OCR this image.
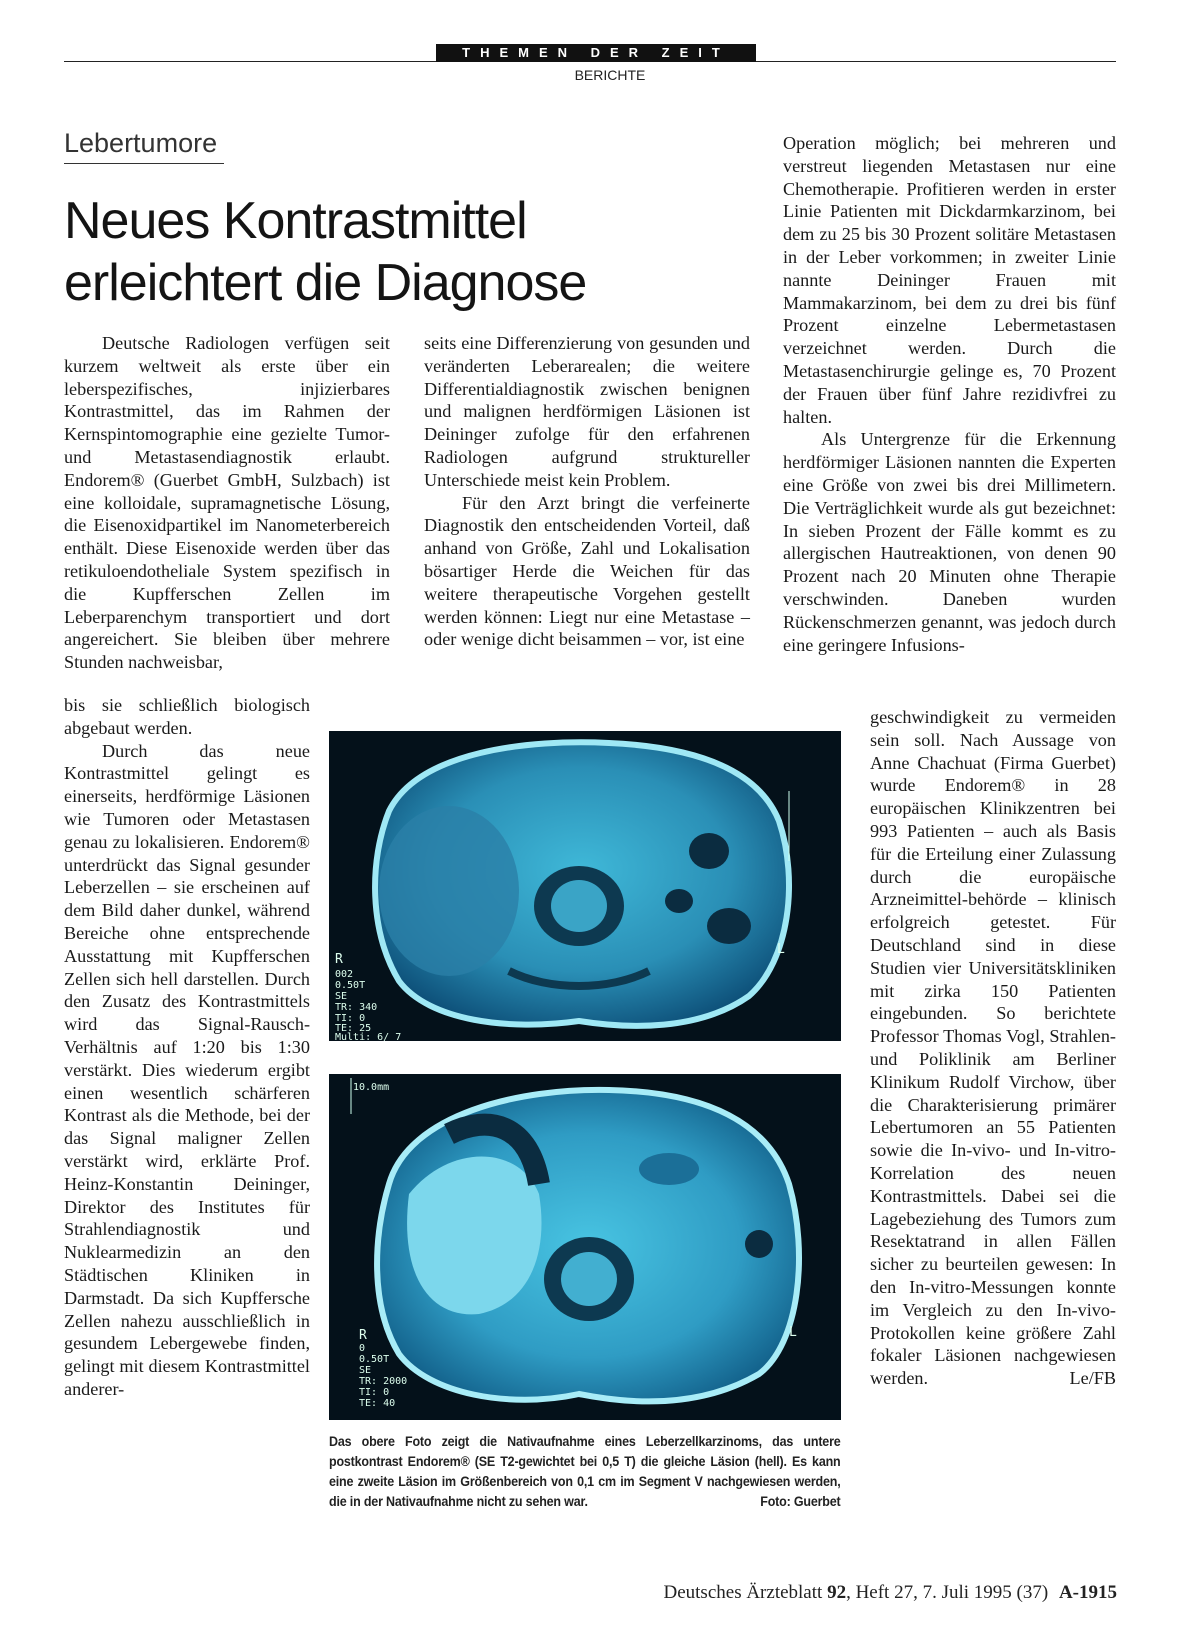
THEMEN DER ZEIT
BERICHTE
Lebertumore
Neues Kontrastmittel
erleichtert die Diagnose

Deutsche Radiologen verfügen seit kurzem weltweit als erste über ein leberspezifisches, injizierbares Kontrastmittel, das im Rahmen der Kernspintomographie eine gezielte Tumor- und Metastasendiagnostik erlaubt. Endorem® (Guerbet GmbH, Sulzbach) ist eine kolloidale, supramagnetische Lösung, die Eisenoxidpartikel im Nanometerbereich enthält. Diese Eisenoxide werden über das retikuloendotheliale System spezifisch in die Kupfferschen Zellen im Leberparenchym transportiert und dort angereichert. Sie bleiben über mehrere Stunden nachweisbar,

bis sie schließlich biologisch abgebaut werden.

Durch das neue Kontrastmittel gelingt es einerseits, herdförmige Läsionen wie Tumoren oder Metastasen genau zu lokalisieren. Endorem® unterdrückt das Signal gesunder Leberzellen – sie erscheinen auf dem Bild daher dunkel, während Bereiche ohne entsprechende Ausstattung mit Kupfferschen Zellen sich hell darstellen. Durch den Zusatz des Kontrastmittels wird das Signal-Rausch-Verhältnis auf 1:20 bis 1:30 verstärkt. Dies wiederum ergibt einen wesentlich schärferen Kontrast als die Methode, bei der das Signal maligner Zellen verstärkt wird, erklärte Prof. Heinz-Konstantin Deininger, Direktor des Institutes für Strahlendiagnostik und Nuklearmedizin an den Städtischen Kliniken in Darmstadt. Da sich Kupffersche Zellen nahezu ausschließlich in gesundem Lebergewebe finden, gelingt mit diesem Kontrastmittel anderer-

seits eine Differenzierung von gesunden und veränderten Leberarealen; die weitere Differentialdiagnostik zwischen benignen und malignen herdförmigen Läsionen ist Deininger zufolge für den erfahrenen Radiologen aufgrund struktureller Unterschiede meist kein Problem.

Für den Arzt bringt die verfeinerte Diagnostik den entscheidenden Vorteil, daß anhand von Größe, Zahl und Lokalisation bösartiger Herde die Weichen für das weitere therapeutische Vorgehen gestellt werden können: Liegt nur eine Metastase – oder wenige dicht beisammen – vor, ist eine

Operation möglich; bei mehreren und verstreut liegenden Metastasen nur eine Chemotherapie. Profitieren werden in erster Linie Patienten mit Dickdarmkarzinom, bei dem zu 25 bis 30 Prozent solitäre Metastasen in der Leber vorkommen; in zweiter Linie nannte Deininger Frauen mit Mammakarzinom, bei dem zu drei bis fünf Prozent einzelne Lebermetastasen verzeichnet werden. Durch die Metastasenchirurgie gelinge es, 70 Prozent der Frauen über fünf Jahre rezidivfrei zu halten.

Als Untergrenze für die Erkennung herdförmiger Läsionen nannten die Experten eine Größe von zwei bis drei Millimetern. Die Verträglichkeit wurde als gut bezeichnet: In sieben Prozent der Fälle kommt es zu allergischen Hautreaktionen, von denen 90 Prozent nach 20 Minuten ohne Therapie verschwinden. Daneben wurden Rückenschmerzen genannt, was jedoch durch eine geringere Infusions-

geschwindigkeit zu vermeiden sein soll. Nach Aussage von Anne Chachuat (Firma Guerbet) wurde Endorem® in 28 europäischen Klinikzentren bei 993 Patienten – auch als Basis für die Erteilung einer Zulassung durch die europäische Arzneimittel-behörde – klinisch erfolgreich getestet. Für Deutschland sind in diese Studien vier Universitätskliniken mit zirka 150 Patienten eingebunden. So berichtete Professor Thomas Vogl, Strahlen- und Poliklinik am Berliner Klinikum Rudolf Virchow, über die Charakterisierung primärer Lebertumoren an 55 Patienten sowie die In-vivo- und In-vitro-Korrelation des neuen Kontrastmittels. Dabei sei die Lagebeziehung des Tumors zum Resektatrand in allen Fällen sicher zu beurteilen gewesen: In den In-vitro-Messungen konnte im Vergleich zu den In-vivo-Protokollen keine größere Zahl fokaler Läsionen nachgewiesen werden.	Le/FB

R
002
0.50T
SE
TR: 340
TI: 0
TE: 25
Multi: 6/ 7
L
10.0mm
R
0
0.50T
SE
TR: 2000
TI: 0
TE: 40
L
Das obere Foto zeigt die Nativaufnahme eines Leberzellkarzinoms, das untere postkontrast Endorem® (SE T2-gewichtet bei 0,5 T) die gleiche Läsion (hell). Es kann eine zweite Läsion im Größenbereich von 0,1 cm im Segment V nachgewiesen werden, die in der Nativaufnahme nicht zu sehen war.	Foto: Guerbet
Deutsches Ärzteblatt 92, Heft 27, 7. Juli 1995 (37) A-1915
